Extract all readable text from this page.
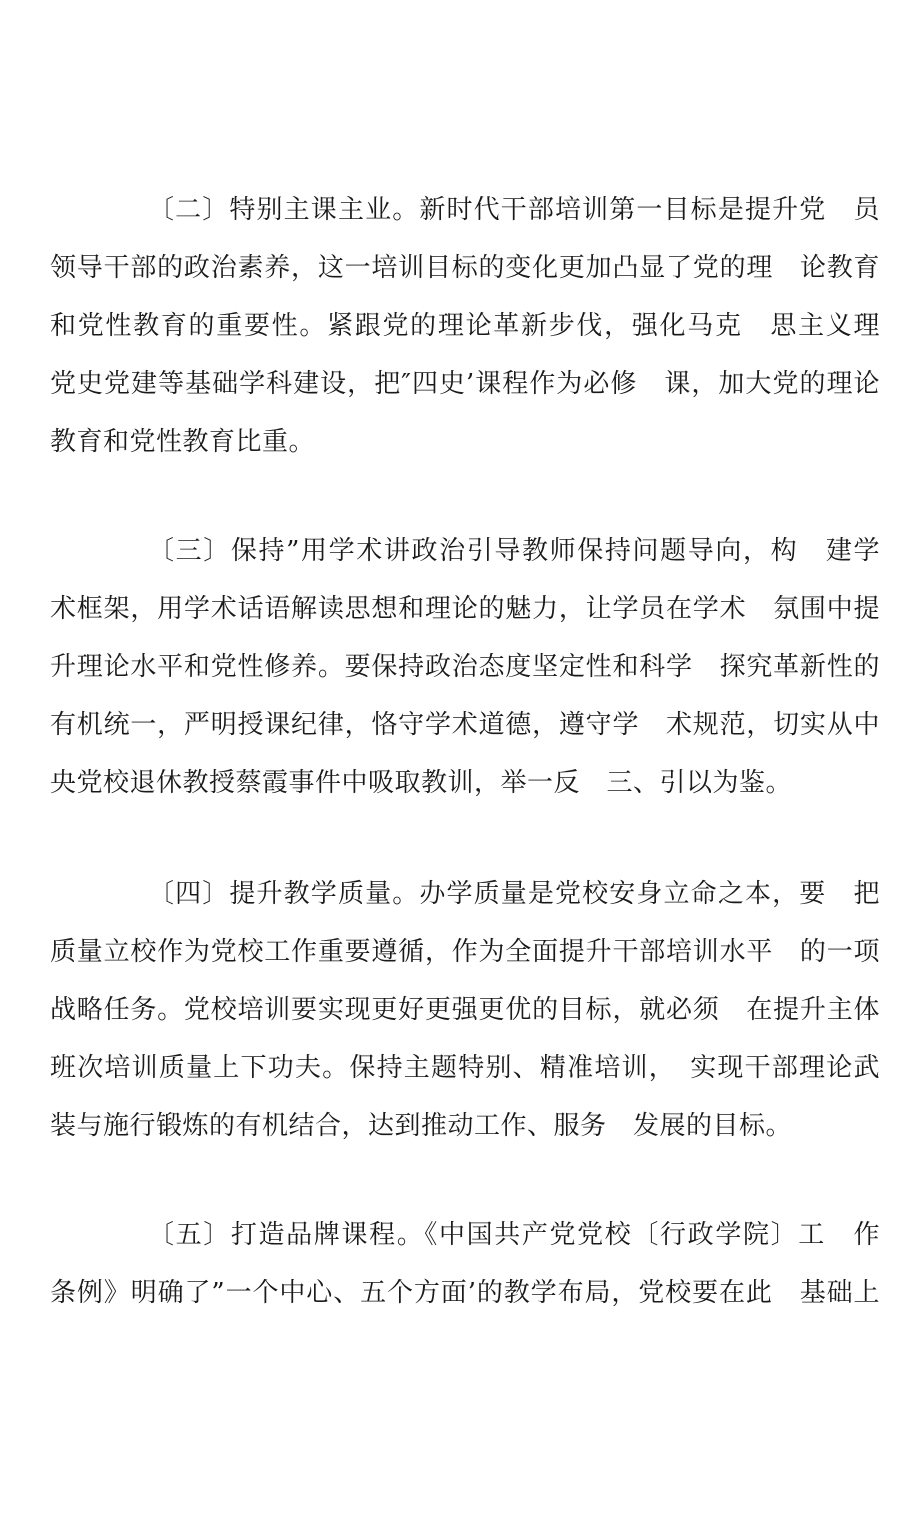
〔二〕特别主课主业。新时代干部培训第一目标是提升党　员
领导干部的政治素养，这一培训目标的变化更加凸显了党的理　论教育
和党性教育的重要性。紧跟党的理论革新步伐，强化马克　思主义理
党史党建等基础学科建设，把″四史’课程作为必修　课，加大党的理论
教育和党性教育比重。
〔三〕保持”用学术讲政治引导教师保持问题导向，构　建学
术框架，用学术话语解读思想和理论的魅力，让学员在学术　氛围中提
升理论水平和党性修养。要保持政治态度坚定性和科学　探究革新性的
有机统一，严明授课纪律，恪守学术道德，遵守学　术规范，切实从中
央党校退休教授蔡霞事件中吸取教训，举一反　三、引以为鉴。
〔四〕提升教学质量。办学质量是党校安身立命之本，要　把
质量立校作为党校工作重要遵循，作为全面提升干部培训水平　的一项
战略任务。党校培训要实现更好更强更优的目标，就必须　在提升主体
班次培训质量上下功夫。保持主题特别、精准培训，　实现干部理论武
装与施行锻炼的有机结合，达到推动工作、服务　发展的目标。
〔五〕打造品牌课程。《中国共产党党校〔行政学院〕工　作
条例》明确了”一个中心、五个方面’的教学布局，党校要在此　基础上
